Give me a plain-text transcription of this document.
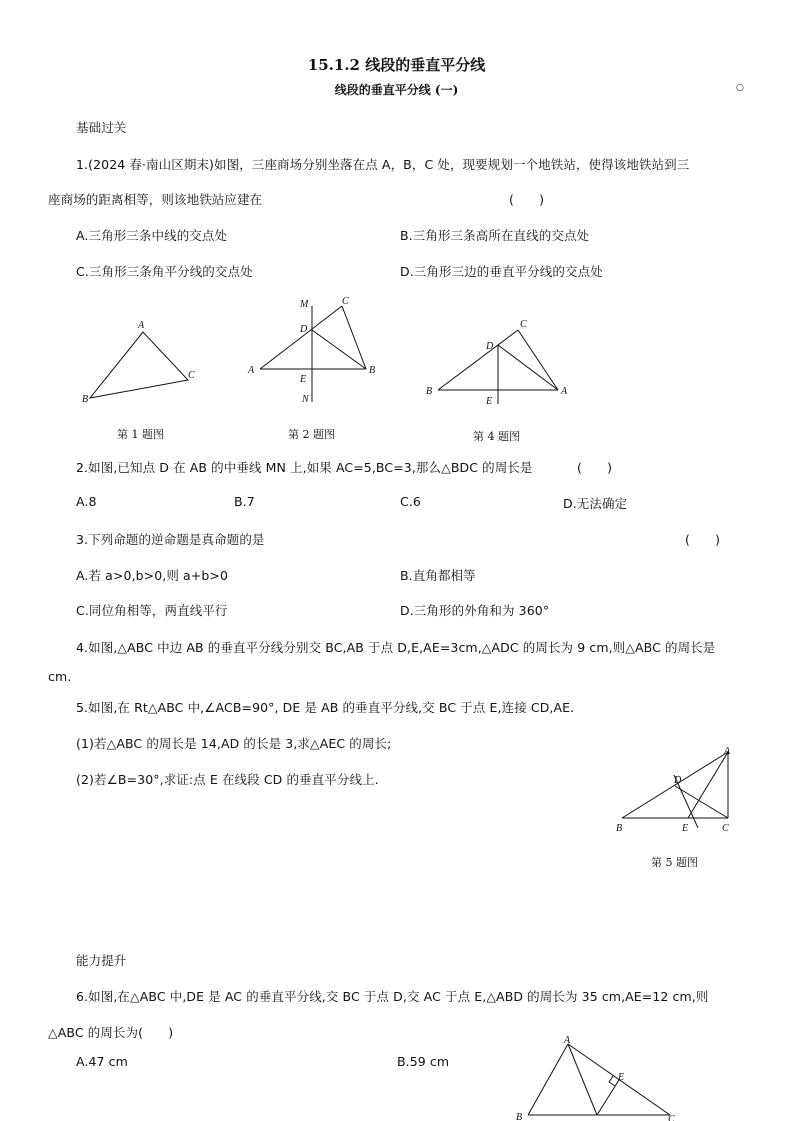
15.1.2 线段的垂直平分线
线段的垂直平分线 (一)	○
基础过关
1.(2024 春·南山区期末)如图，三座商场分别坐落在点 A，B，C 处，现要规划一个地铁站，使得该地铁站到三
座商场的距离相等，则该地铁站应建在	(　　)
A.三角形三条中线的交点处	B.三角形三条高所在直线的交点处
C.三角形三条角平分线的交点处	D.三角形三边的垂直平分线的交点处
A
B
C
第 1 题图
M	C
D
A	B
E
N
第 2 题图
C
D
B	A
E
第 4 题图
2.如图,已知点 D 在 AB 的中垂线 MN 上,如果 AC=5,BC=3,那么△BDC 的周长是	(　　)
A.8	B.7	C.6	D.无法确定
3.下列命题的逆命题是真命题的是	(　　)
A.若 a>0,b>0,则 a+b>0	B.直角都相等
C.同位角相等，两直线平行	D.三角形的外角和为 360°
4.如图,△ABC 中边 AB 的垂直平分线分别交 BC,AB 于点 D,E,AE=3cm,△ADC 的周长为 9 cm,则△ABC 的周长是
cm.
5.如图,在 Rt△ABC 中,∠ACB=90°, DE 是 AB 的垂直平分线,交 BC 于点 E,连接 CD,AE.
(1)若△ABC 的周长是 14,AD 的长是 3,求△AEC 的周长;
(2)若∠B=30°,求证:点 E 在线段 CD 的垂直平分线上.
A
D
B	E	C
第 5 题图
能力提升
6.如图,在△ABC 中,DE 是 AC 的垂直平分线,交 BC 于点 D,交 AC 于点 E,△ABD 的周长为 35 cm,AE=12 cm,则
△ABC 的周长为(　　)
A.47 cm	B.59 cm
A
E
B	C
